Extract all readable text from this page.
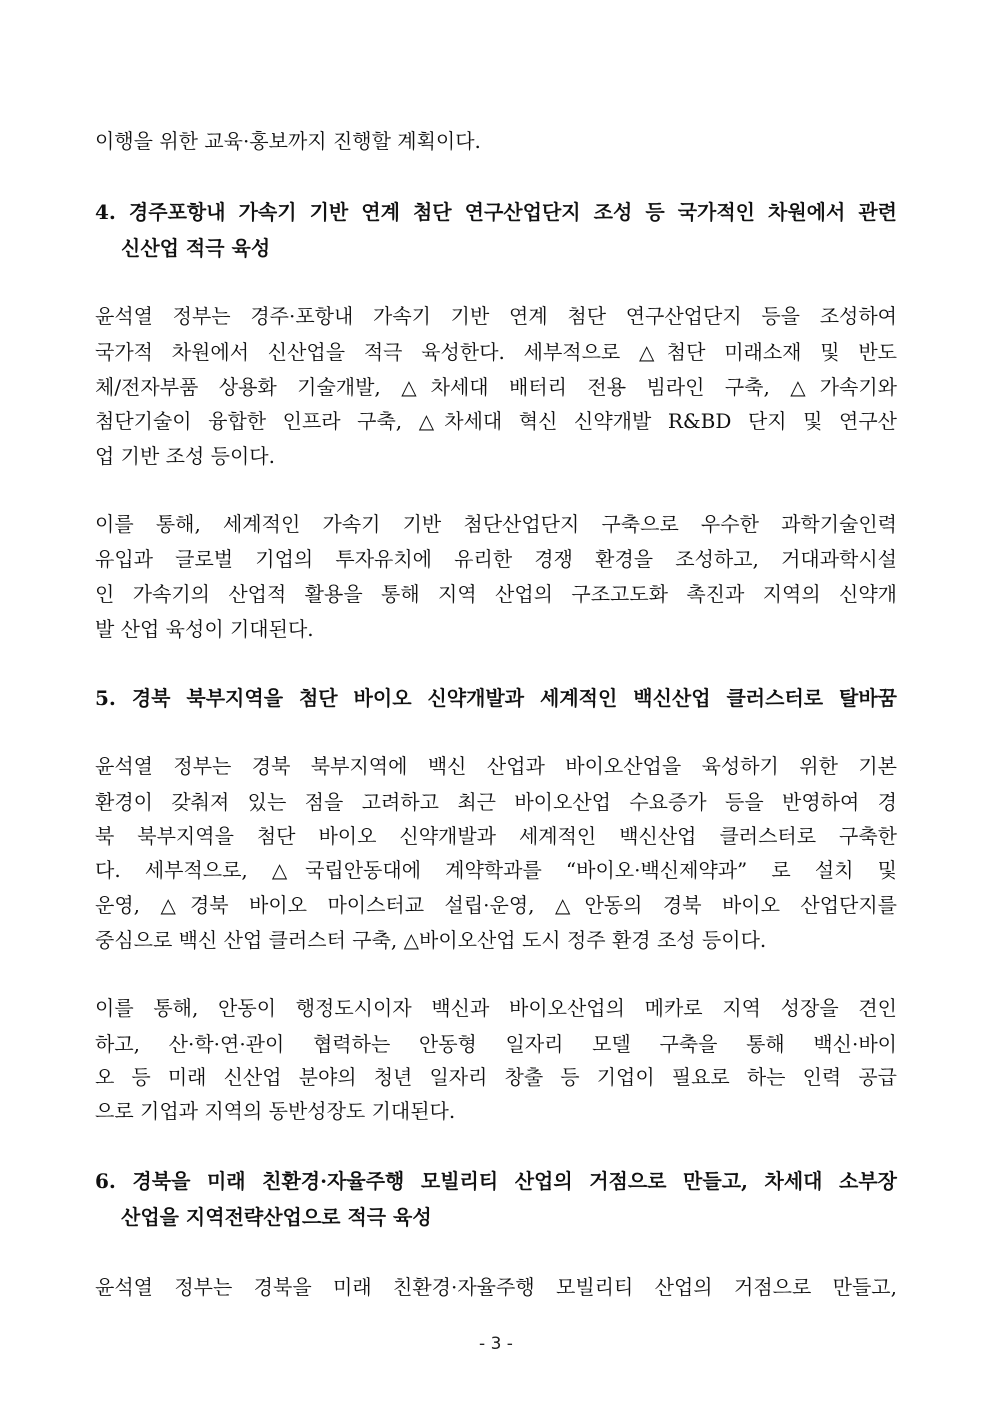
이행을 위한 교육·홍보까지 진행할 계획이다.
4. 경주포항내 가속기 기반 연계 첨단 연구산업단지 조성 등 국가적인 차원에서 관련
신산업 적극 육성
윤석열 정부는 경주·포항내 가속기 기반 연계 첨단 연구산업단지 등을 조성하여
국가적 차원에서 신산업을 적극 육성한다. 세부적으로 △첨단 미래소재 및 반도
체/전자부품 상용화 기술개발, △차세대 배터리 전용 빔라인 구축, △가속기와
첨단기술이 융합한 인프라 구축, △차세대 혁신 신약개발 R&BD 단지 및 연구산
업 기반 조성 등이다.
이를 통해, 세계적인 가속기 기반 첨단산업단지 구축으로 우수한 과학기술인력
유입과 글로벌 기업의 투자유치에 유리한 경쟁 환경을 조성하고, 거대과학시설
인 가속기의 산업적 활용을 통해 지역 산업의 구조고도화 촉진과 지역의 신약개
발 산업 육성이 기대된다.
5. 경북 북부지역을 첨단 바이오 신약개발과 세계적인 백신산업 클러스터로 탈바꿈
윤석열 정부는 경북 북부지역에 백신 산업과 바이오산업을 육성하기 위한 기본
환경이 갖춰져 있는 점을 고려하고 최근 바이오산업 수요증가 등을 반영하여 경
북 북부지역을 첨단 바이오 신약개발과 세계적인 백신산업 클러스터로 구축한
다. 세부적으로, △국립안동대에 계약학과를 “바이오·백신제약과” 로 설치 및
운영, △경북 바이오 마이스터교 설립·운영, △안동의 경북 바이오 산업단지를
중심으로 백신 산업 클러스터 구축, △바이오산업 도시 정주 환경 조성 등이다.
이를 통해, 안동이 행정도시이자 백신과 바이오산업의 메카로 지역 성장을 견인
하고, 산·학·연·관이 협력하는 안동형 일자리 모델 구축을 통해 백신·바이
오 등 미래 신산업 분야의 청년 일자리 창출 등 기업이 필요로 하는 인력 공급
으로 기업과 지역의 동반성장도 기대된다.
6. 경북을 미래 친환경·자율주행 모빌리티 산업의 거점으로 만들고, 차세대 소부장
산업을 지역전략산업으로 적극 육성
윤석열 정부는 경북을 미래 친환경·자율주행 모빌리티 산업의 거점으로 만들고,
- 3 -
